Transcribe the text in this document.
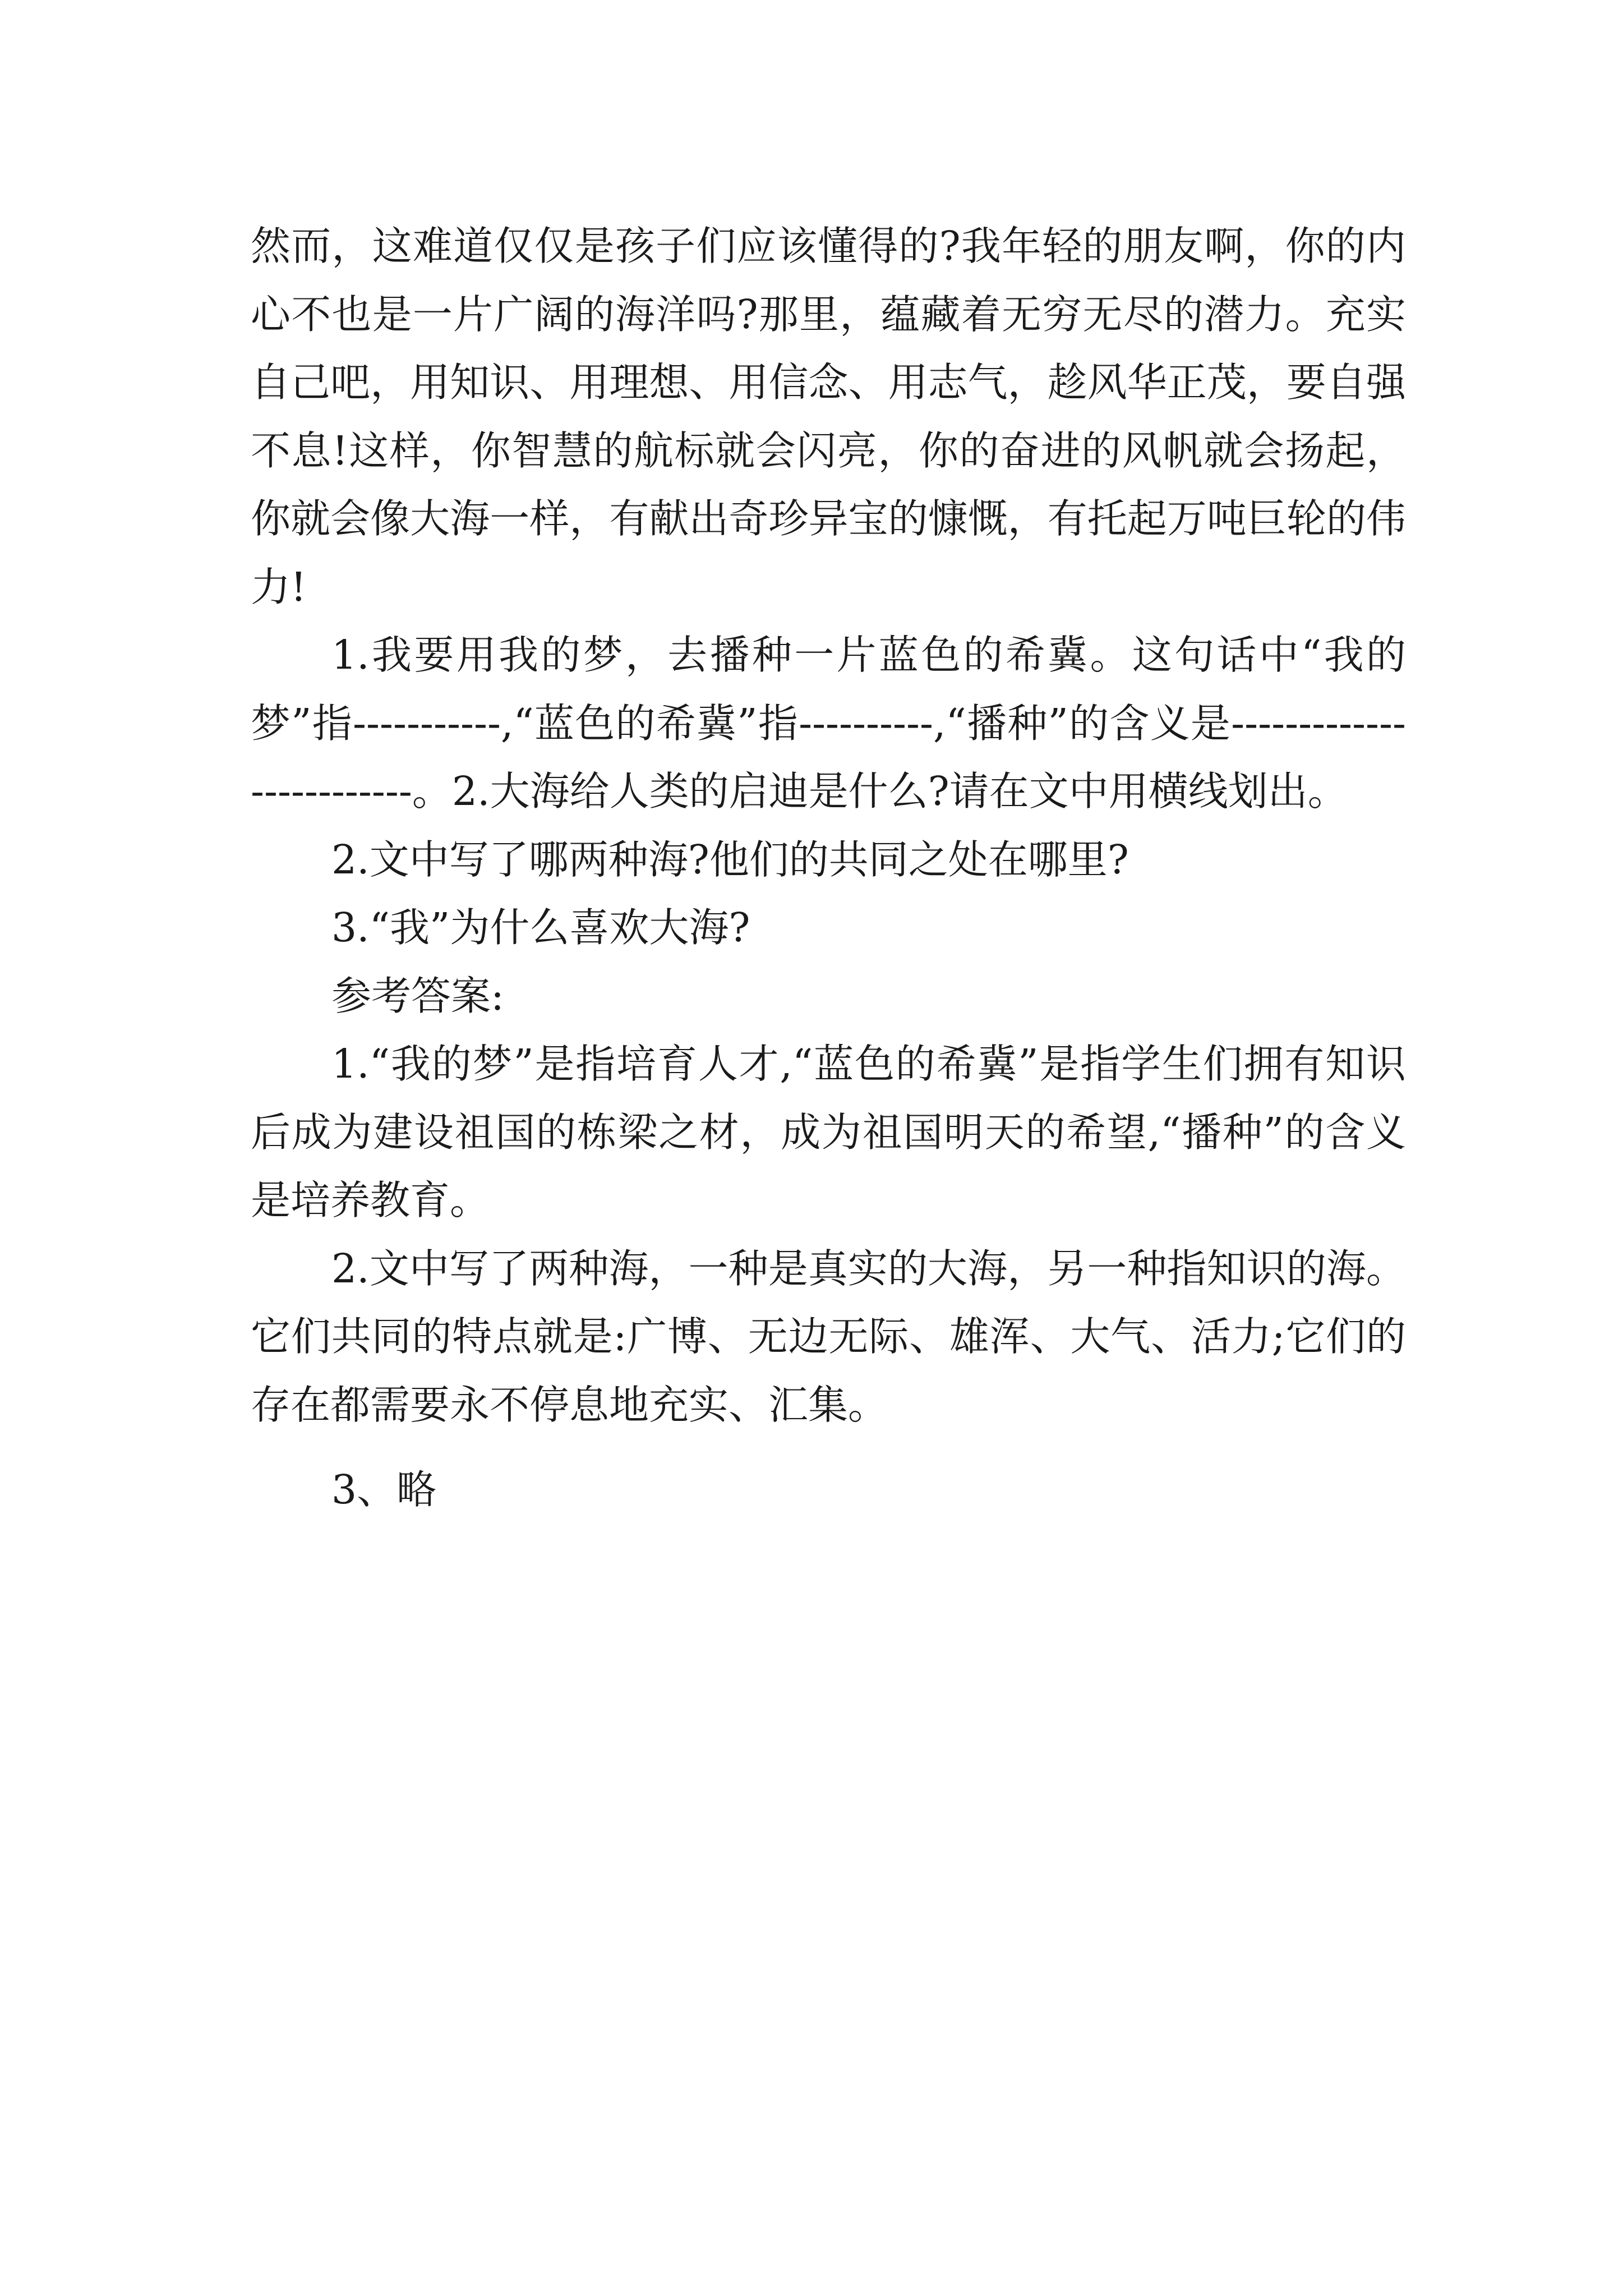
然而，这难道仅仅是孩子们应该懂得的?我年轻的朋友啊，你的内心不也是一片广阔的海洋吗?那里，蕴藏着无穷无尽的潜力。充实自己吧，用知识、用理想、用信念、用志气，趁风华正茂，要自强不息!这样，你智慧的航标就会闪亮，你的奋进的风帆就会扬起，你就会像大海一样，有献出奇珍异宝的慷慨，有托起万吨巨轮的伟力!

1.我要用我的梦，去播种一片蓝色的希冀。这句话中“我的梦”指-----------,“蓝色的希冀”指----------,“播种”的含义是-------------------------。2.大海给人类的启迪是什么?请在文中用横线划出。

2.文中写了哪两种海?他们的共同之处在哪里?

3.“我”为什么喜欢大海?

参考答案:

1.“我的梦”是指培育人才,“蓝色的希冀”是指学生们拥有知识后成为建设祖国的栋梁之材，成为祖国明天的希望,“播种”的含义是培养教育。

2.文中写了两种海，一种是真实的大海，另一种指知识的海。它们共同的特点就是:广博、无边无际、雄浑、大气、活力;它们的存在都需要永不停息地充实、汇集。

3、略
